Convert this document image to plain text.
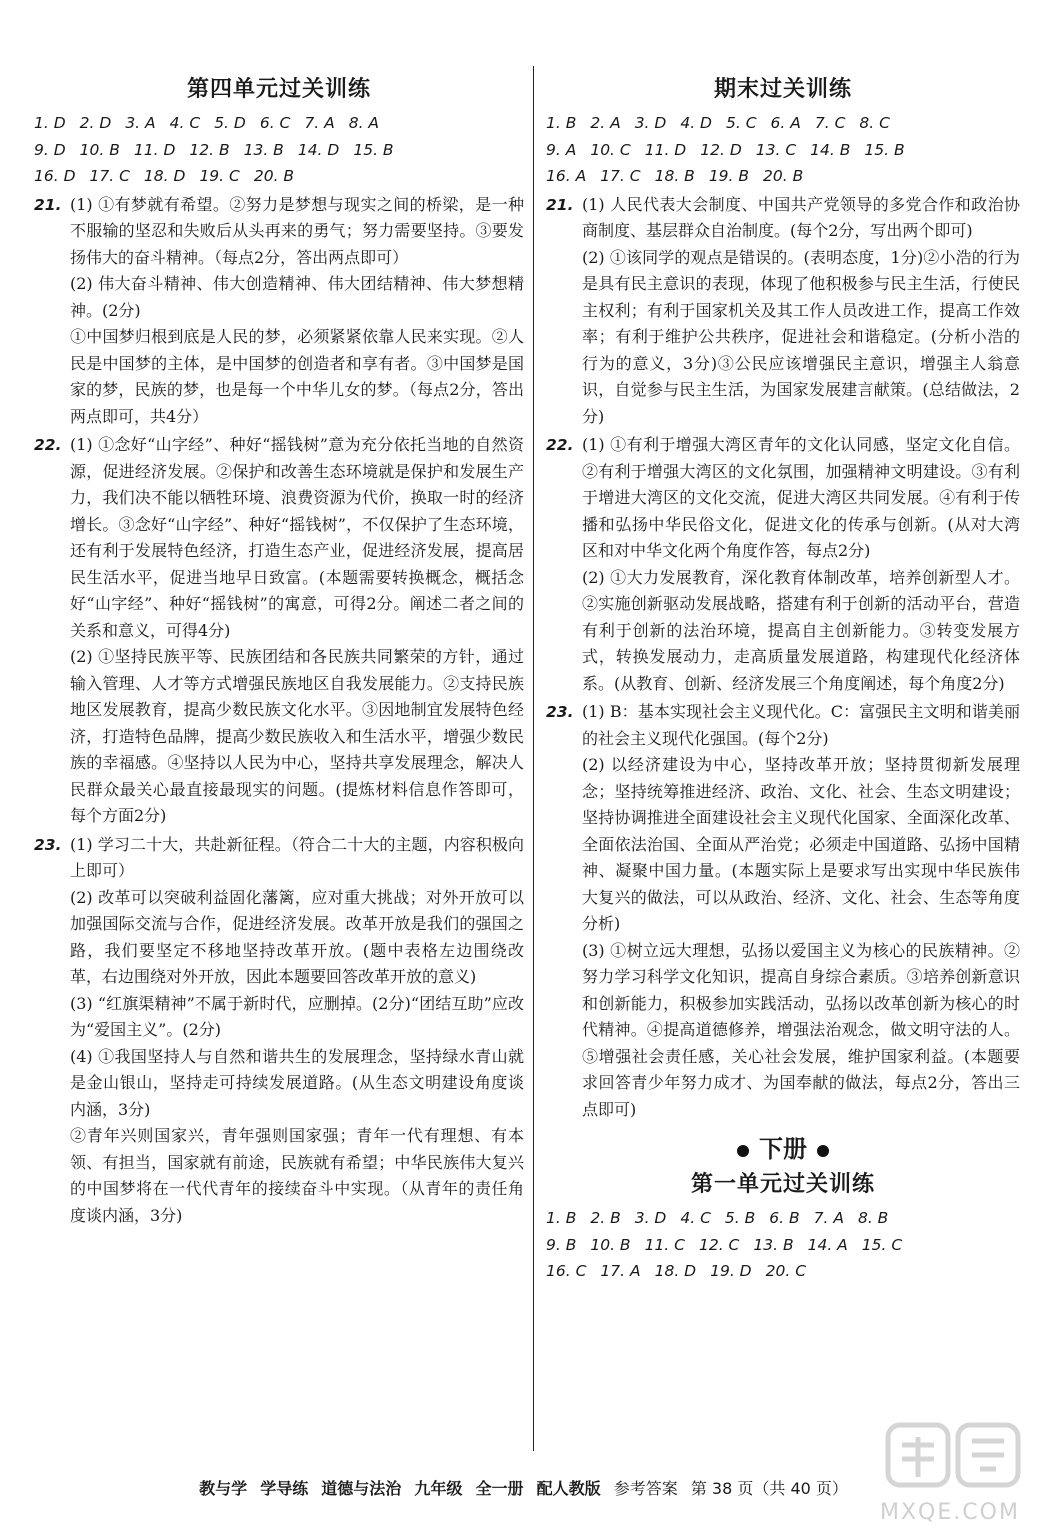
第四单元过关训练
1. D 2. D 3. A 4. C 5. D 6. C 7. A 8. A
9. D 10. B 11. D 12. B 13. B 14. D 15. B
16. D 17. C 18. D 19. C 20. B
21. (1) ①有梦就有希望。②努力是梦想与现实之间的桥梁，是一种不服输的坚忍和失败后从头再来的勇气；努力需要坚持。③要发扬伟大的奋斗精神。（每点2分，答出两点即可）

(2) 伟大奋斗精神、伟大创造精神、伟大团结精神、伟大梦想精神。(2分)

①中国梦归根到底是人民的梦，必须紧紧依靠人民来实现。②人民是中国梦的主体，是中国梦的创造者和享有者。③中国梦是国家的梦，民族的梦，也是每一个中华儿女的梦。（每点2分，答出两点即可，共4分）

22. (1) ①念好“山字经”、种好“摇钱树”意为充分依托当地的自然资源，促进经济发展。②保护和改善生态环境就是保护和发展生产力，我们决不能以牺牲环境、浪费资源为代价，换取一时的经济增长。③念好“山字经”、种好“摇钱树”，不仅保护了生态环境，还有利于发展特色经济，打造生态产业，促进经济发展，提高居民生活水平，促进当地早日致富。(本题需要转换概念，概括念好“山字经”、种好“摇钱树”的寓意，可得2分。阐述二者之间的关系和意义，可得4分)

(2) ①坚持民族平等、民族团结和各民族共同繁荣的方针，通过输入管理、人才等方式增强民族地区自我发展能力。②支持民族地区发展教育，提高少数民族文化水平。③因地制宜发展特色经济，打造特色品牌，提高少数民族收入和生活水平，增强少数民族的幸福感。④坚持以人民为中心，坚持共享发展理念，解决人民群众最关心最直接最现实的问题。(提炼材料信息作答即可，每个方面2分)

23. (1) 学习二十大，共赴新征程。（符合二十大的主题，内容积极向上即可）

(2) 改革可以突破利益固化藩篱，应对重大挑战；对外开放可以加强国际交流与合作，促进经济发展。改革开放是我们的强国之路，我们要坚定不移地坚持改革开放。(题中表格左边围绕改革，右边围绕对外开放，因此本题要回答改革开放的意义)

(3) “红旗渠精神”不属于新时代，应删掉。(2分)“团结互助”应改为“爱国主义”。(2分)

(4) ①我国坚持人与自然和谐共生的发展理念，坚持绿水青山就是金山银山，坚持走可持续发展道路。(从生态文明建设角度谈内涵，3分)

②青年兴则国家兴，青年强则国家强；青年一代有理想、有本领、有担当，国家就有前途，民族就有希望；中华民族伟大复兴的中国梦将在一代代青年的接续奋斗中实现。（从青年的责任角度谈内涵，3分)

期末过关训练
1. B 2. A 3. D 4. D 5. C 6. A 7. C 8. C
9. A 10. C 11. D 12. D 13. C 14. B 15. B
16. A 17. C 18. B 19. B 20. B
21. (1) 人民代表大会制度、中国共产党领导的多党合作和政治协商制度、基层群众自治制度。(每个2分，写出两个即可)

(2) ①该同学的观点是错误的。(表明态度，1分)②小浩的行为是具有民主意识的表现，体现了他积极参与民主生活，行使民主权利；有利于国家机关及其工作人员改进工作，提高工作效率；有利于维护公共秩序，促进社会和谐稳定。(分析小浩的行为的意义，3分)③公民应该增强民主意识，增强主人翁意识，自觉参与民主生活，为国家发展建言献策。(总结做法，2分)

22. (1) ①有利于增强大湾区青年的文化认同感，坚定文化自信。②有利于增强大湾区的文化氛围，加强精神文明建设。③有利于增进大湾区的文化交流，促进大湾区共同发展。④有利于传播和弘扬中华民俗文化，促进文化的传承与创新。(从对大湾区和对中华文化两个角度作答，每点2分)

(2) ①大力发展教育，深化教育体制改革，培养创新型人才。②实施创新驱动发展战略，搭建有利于创新的活动平台，营造有利于创新的法治环境，提高自主创新能力。③转变发展方式，转换发展动力，走高质量发展道路，构建现代化经济体系。(从教育、创新、经济发展三个角度阐述，每个角度2分)

23. (1) B：基本实现社会主义现代化。C：富强民主文明和谐美丽的社会主义现代化强国。(每个2分)

(2) 以经济建设为中心，坚持改革开放；坚持贯彻新发展理念；坚持统筹推进经济、政治、文化、社会、生态文明建设；坚持协调推进全面建设社会主义现代化国家、全面深化改革、全面依法治国、全面从严治党；必须走中国道路、弘扬中国精神、凝聚中国力量。(本题实际上是要求写出实现中华民族伟大复兴的做法，可以从政治、经济、文化、社会、生态等角度分析)

(3) ①树立远大理想，弘扬以爱国主义为核心的民族精神。②努力学习科学文化知识，提高自身综合素质。③培养创新意识和创新能力，积极参加实践活动，弘扬以改革创新为核心的时代精神。④提高道德修养，增强法治观念，做文明守法的人。⑤增强社会责任感，关心社会发展，维护国家利益。(本题要求回答青少年努力成才、为国奉献的做法，每点2分，答出三点即可)

下册
第一单元过关训练
1. B 2. B 3. D 4. C 5. B 6. B 7. A 8. B
9. B 10. B 11. C 12. C 13. B 14. A 15. C
16. C 17. A 18. D 19. D 20. C
教与学 学导练 道德与法治 九年级 全一册 配人教版 参考答案 第 38 页（共 40 页）
MXQE.COM
